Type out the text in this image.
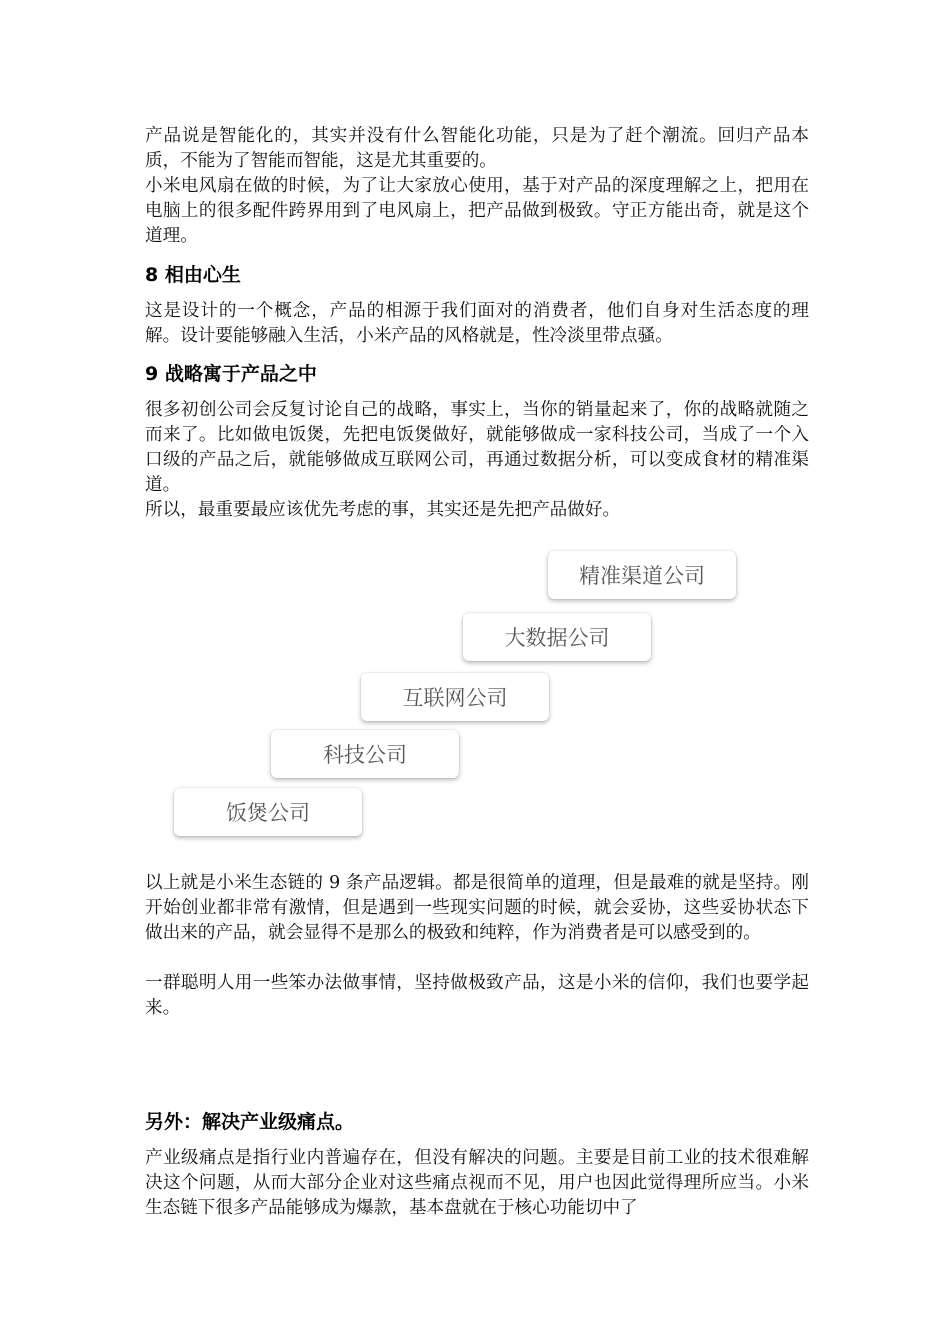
产品说是智能化的，其实并没有什么智能化功能，只是为了赶个潮流。回归产品本质，不能为了智能而智能，这是尤其重要的。

小米电风扇在做的时候，为了让大家放心使用，基于对产品的深度理解之上，把用在电脑上的很多配件跨界用到了电风扇上，把产品做到极致。守正方能出奇，就是这个道理。

8 相由心生

这是设计的一个概念，产品的相源于我们面对的消费者，他们自身对生活态度的理解。设计要能够融入生活，小米产品的风格就是，性冷淡里带点骚。

9 战略寓于产品之中

很多初创公司会反复讨论自己的战略，事实上，当你的销量起来了，你的战略就随之而来了。比如做电饭煲，先把电饭煲做好，就能够做成一家科技公司，当成了一个入口级的产品之后，就能够做成互联网公司，再通过数据分析，可以变成食材的精准渠道。

所以，最重要最应该优先考虑的事，其实还是先把产品做好。

饭煲公司
科技公司
互联网公司
大数据公司
精准渠道公司

以上就是小米生态链的 9 条产品逻辑。都是很简单的道理，但是最难的就是坚持。刚开始创业都非常有激情，但是遇到一些现实问题的时候，就会妥协，这些妥协状态下做出来的产品，就会显得不是那么的极致和纯粹，作为消费者是可以感受到的。

一群聪明人用一些笨办法做事情，坚持做极致产品，这是小米的信仰，我们也要学起来。

另外：解决产业级痛点。

产业级痛点是指行业内普遍存在，但没有解决的问题。主要是目前工业的技术很难解决这个问题，从而大部分企业对这些痛点视而不见，用户也因此觉得理所应当。小米生态链下很多产品能够成为爆款，基本盘就在于核心功能切中了
